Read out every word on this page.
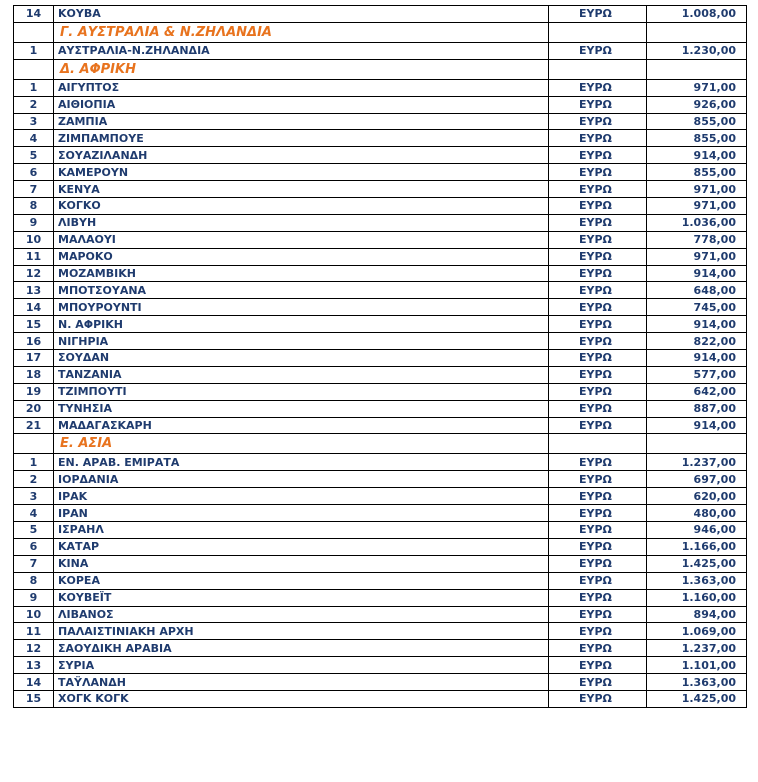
14	ΚΟΥΒΑ	ΕΥΡΩ	1.008,00
	Γ. ΑΥΣΤΡΑΛΙΑ & Ν.ΖΗΛΑΝΔΙΑ		
1	ΑΥΣΤΡΑΛΙΑ-Ν.ΖΗΛΑΝΔΙΑ	ΕΥΡΩ	1.230,00
	Δ. ΑΦΡΙΚΗ		
1	ΑΙΓΥΠΤΟΣ	ΕΥΡΩ	971,00
2	ΑΙΘΙΟΠΙΑ	ΕΥΡΩ	926,00
3	ΖΑΜΠΙΑ	ΕΥΡΩ	855,00
4	ΖΙΜΠΑΜΠΟΥΕ	ΕΥΡΩ	855,00
5	ΣΟΥΑΖΙΛΑΝΔΗ	ΕΥΡΩ	914,00
6	ΚΑΜΕΡΟΥΝ	ΕΥΡΩ	855,00
7	ΚΕΝΥΑ	ΕΥΡΩ	971,00
8	ΚΟΓΚΟ	ΕΥΡΩ	971,00
9	ΛΙΒΥΗ	ΕΥΡΩ	1.036,00
10	ΜΑΛΑΟΥΙ	ΕΥΡΩ	778,00
11	ΜΑΡΟΚΟ	ΕΥΡΩ	971,00
12	ΜΟΖΑΜΒΙΚΗ	ΕΥΡΩ	914,00
13	ΜΠΟΤΣΟΥΑΝΑ	ΕΥΡΩ	648,00
14	ΜΠΟΥΡΟΥΝΤΙ	ΕΥΡΩ	745,00
15	Ν. ΑΦΡΙΚΗ	ΕΥΡΩ	914,00
16	ΝΙΓΗΡΙΑ	ΕΥΡΩ	822,00
17	ΣΟΥΔΑΝ	ΕΥΡΩ	914,00
18	ΤΑΝΖΑΝΙΑ	ΕΥΡΩ	577,00
19	ΤΖΙΜΠΟΥΤΙ	ΕΥΡΩ	642,00
20	ΤΥΝΗΣΙΑ	ΕΥΡΩ	887,00
21	ΜΑΔΑΓΑΣΚΑΡΗ	ΕΥΡΩ	914,00
	Ε. ΑΣΙΑ		
1	ΕΝ. ΑΡΑΒ. ΕΜΙΡΑΤΑ	ΕΥΡΩ	1.237,00
2	ΙΟΡΔΑΝΙΑ	ΕΥΡΩ	697,00
3	ΙΡΑΚ	ΕΥΡΩ	620,00
4	ΙΡΑΝ	ΕΥΡΩ	480,00
5	ΙΣΡΑΗΛ	ΕΥΡΩ	946,00
6	ΚΑΤΑΡ	ΕΥΡΩ	1.166,00
7	ΚΙΝΑ	ΕΥΡΩ	1.425,00
8	ΚΟΡΕΑ	ΕΥΡΩ	1.363,00
9	ΚΟΥΒΕΪΤ	ΕΥΡΩ	1.160,00
10	ΛΙΒΑΝΟΣ	ΕΥΡΩ	894,00
11	ΠΑΛΑΙΣΤΙΝΙΑΚΗ ΑΡΧΗ	ΕΥΡΩ	1.069,00
12	ΣΑΟΥΔΙΚΗ ΑΡΑΒΙΑ	ΕΥΡΩ	1.237,00
13	ΣΥΡΙΑ	ΕΥΡΩ	1.101,00
14	ΤΑΫΛΑΝΔΗ	ΕΥΡΩ	1.363,00
15	ΧΟΓΚ ΚΟΓΚ	ΕΥΡΩ	1.425,00
